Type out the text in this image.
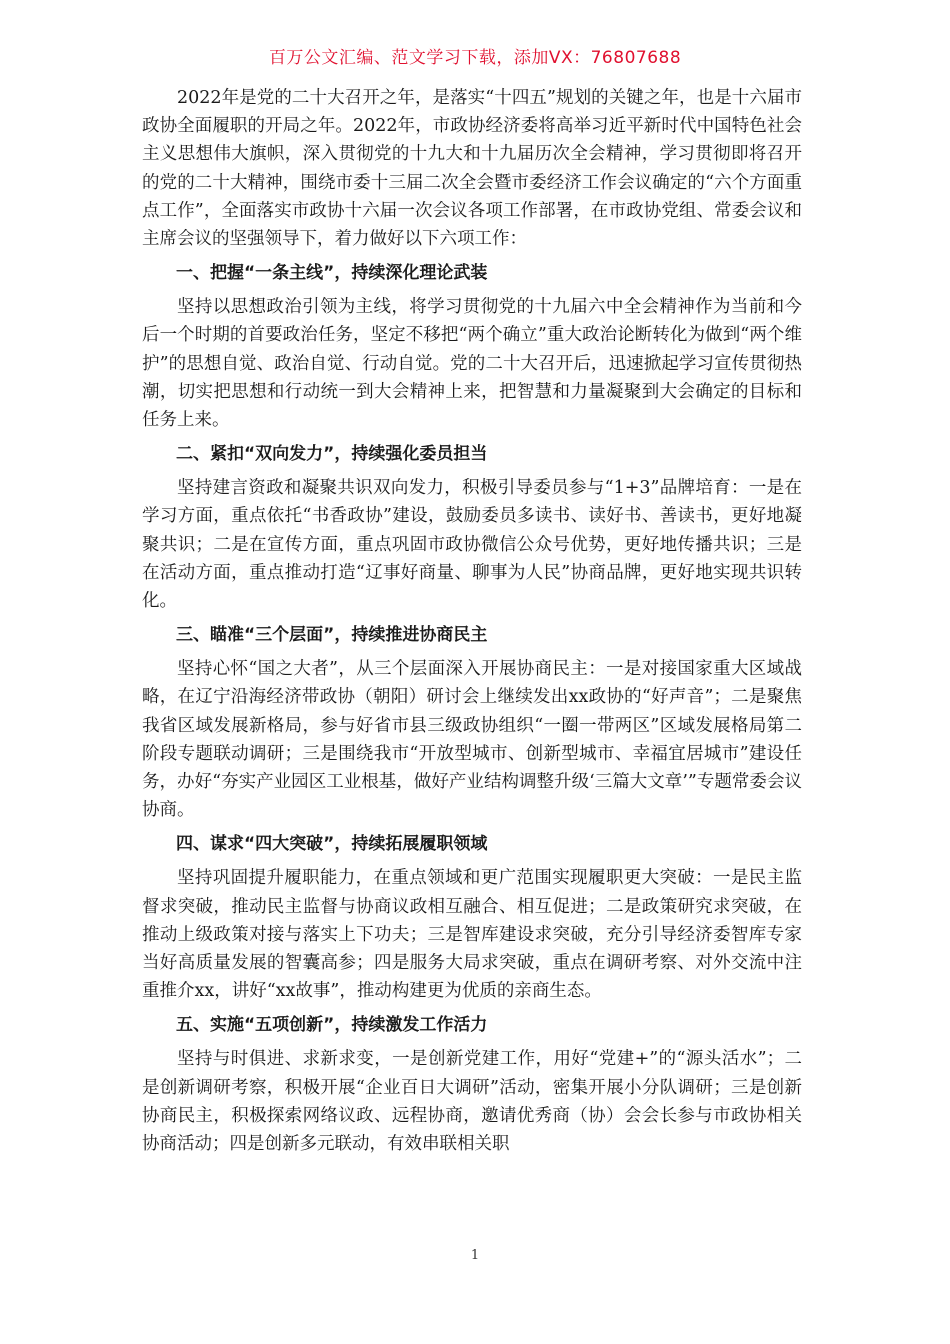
百万公文汇编、范文学习下载，添加VX：76807688

2022年是党的二十大召开之年，是落实“十四五”规划的关键之年，也是十六届市政协全面履职的开局之年。2022年，市政协经济委将高举习近平新时代中国特色社会主义思想伟大旗帜，深入贯彻党的十九大和十九届历次全会精神，学习贯彻即将召开的党的二十大精神，围绕市委十三届二次全会暨市委经济工作会议确定的“六个方面重点工作”，全面落实市政协十六届一次会议各项工作部署，在市政协党组、常委会议和主席会议的坚强领导下，着力做好以下六项工作：

一、把握“一条主线”，持续深化理论武装

坚持以思想政治引领为主线，将学习贯彻党的十九届六中全会精神作为当前和今后一个时期的首要政治任务，坚定不移把“两个确立”重大政治论断转化为做到“两个维护”的思想自觉、政治自觉、行动自觉。党的二十大召开后，迅速掀起学习宣传贯彻热潮，切实把思想和行动统一到大会精神上来，把智慧和力量凝聚到大会确定的目标和任务上来。

二、紧扣“双向发力”，持续强化委员担当

坚持建言资政和凝聚共识双向发力，积极引导委员参与“1+3”品牌培育：一是在学习方面，重点依托“书香政协”建设，鼓励委员多读书、读好书、善读书，更好地凝聚共识；二是在宣传方面，重点巩固市政协微信公众号优势，更好地传播共识；三是在活动方面，重点推动打造“辽事好商量、聊事为人民”协商品牌，更好地实现共识转化。

三、瞄准“三个层面”，持续推进协商民主

坚持心怀“国之大者”，从三个层面深入开展协商民主：一是对接国家重大区域战略，在辽宁沿海经济带政协（朝阳）研讨会上继续发出xx政协的“好声音”；二是聚焦我省区域发展新格局，参与好省市县三级政协组织“一圈一带两区”区域发展格局第二阶段专题联动调研；三是围绕我市“开放型城市、创新型城市、幸福宜居城市”建设任务，办好“夯实产业园区工业根基，做好产业结构调整升级‘三篇大文章’”专题常委会议协商。

四、谋求“四大突破”，持续拓展履职领域

坚持巩固提升履职能力，在重点领域和更广范围实现履职更大突破：一是民主监督求突破，推动民主监督与协商议政相互融合、相互促进；二是政策研究求突破，在推动上级政策对接与落实上下功夫；三是智库建设求突破，充分引导经济委智库专家当好高质量发展的智囊高参；四是服务大局求突破，重点在调研考察、对外交流中注重推介xx，讲好“xx故事”，推动构建更为优质的亲商生态。

五、实施“五项创新”，持续激发工作活力

坚持与时俱进、求新求变，一是创新党建工作，用好“党建+”的“源头活水”；二是创新调研考察，积极开展“企业百日大调研”活动，密集开展小分队调研；三是创新协商民主，积极探索网络议政、远程协商，邀请优秀商（协）会会长参与市政协相关协商活动；四是创新多元联动，有效串联相关职

1
